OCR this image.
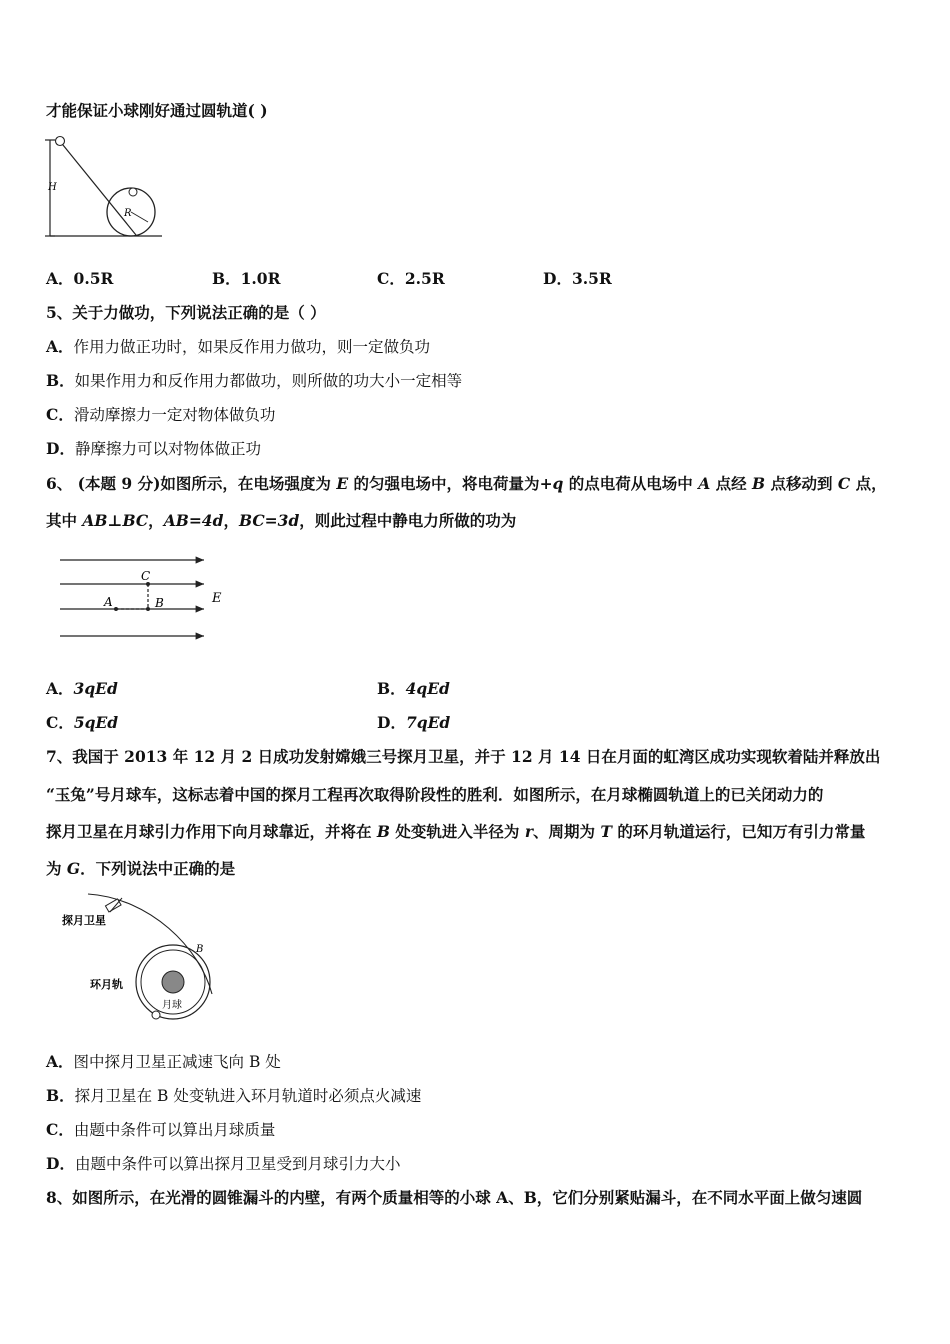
才能保证小球刚好通过圆轨道( )
H
R
A．0.5R	B．1.0R	C．2.5R	D．3.5R
5、关于力做功，下列说法正确的是（ ）
A．作用力做正功时，如果反作用力做功，则一定做负功
B．如果作用力和反作用力都做功，则所做的功大小一定相等
C．滑动摩擦力一定对物体做负功
D．静摩擦力可以对物体做正功
6、 (本题 9 分)如图所示，在电场强度为 E 的匀强电场中，将电荷量为+q 的点电荷从电场中 A 点经 B 点移动到 C 点，
其中 AB⊥BC，AB=4d，BC=3d，则此过程中静电力所做的功为
A	B
C
E
A．3qEd	B．4qEd
C．5qEd	D．7qEd
7、我国于 2013 年 12 月 2 日成功发射嫦娥三号探月卫星，并于 12 月 14 日在月面的虹湾区成功实现软着陆并释放出
“玉兔”号月球车，这标志着中国的探月工程再次取得阶段性的胜利．如图所示，在月球椭圆轨道上的已关闭动力的
探月卫星在月球引力作用下向月球靠近，并将在 B 处变轨进入半径为 r、周期为 T 的环月轨道运行，已知万有引力常量
为 G．下列说法中正确的是
探月卫星
B
环月轨
月球
A．图中探月卫星正减速飞向 B 处
B．探月卫星在 B 处变轨进入环月轨道时必须点火减速
C．由题中条件可以算出月球质量
D．由题中条件可以算出探月卫星受到月球引力大小
8、如图所示，在光滑的圆锥漏斗的内壁，有两个质量相等的小球 A、B，它们分别紧贴漏斗，在不同水平面上做匀速圆
